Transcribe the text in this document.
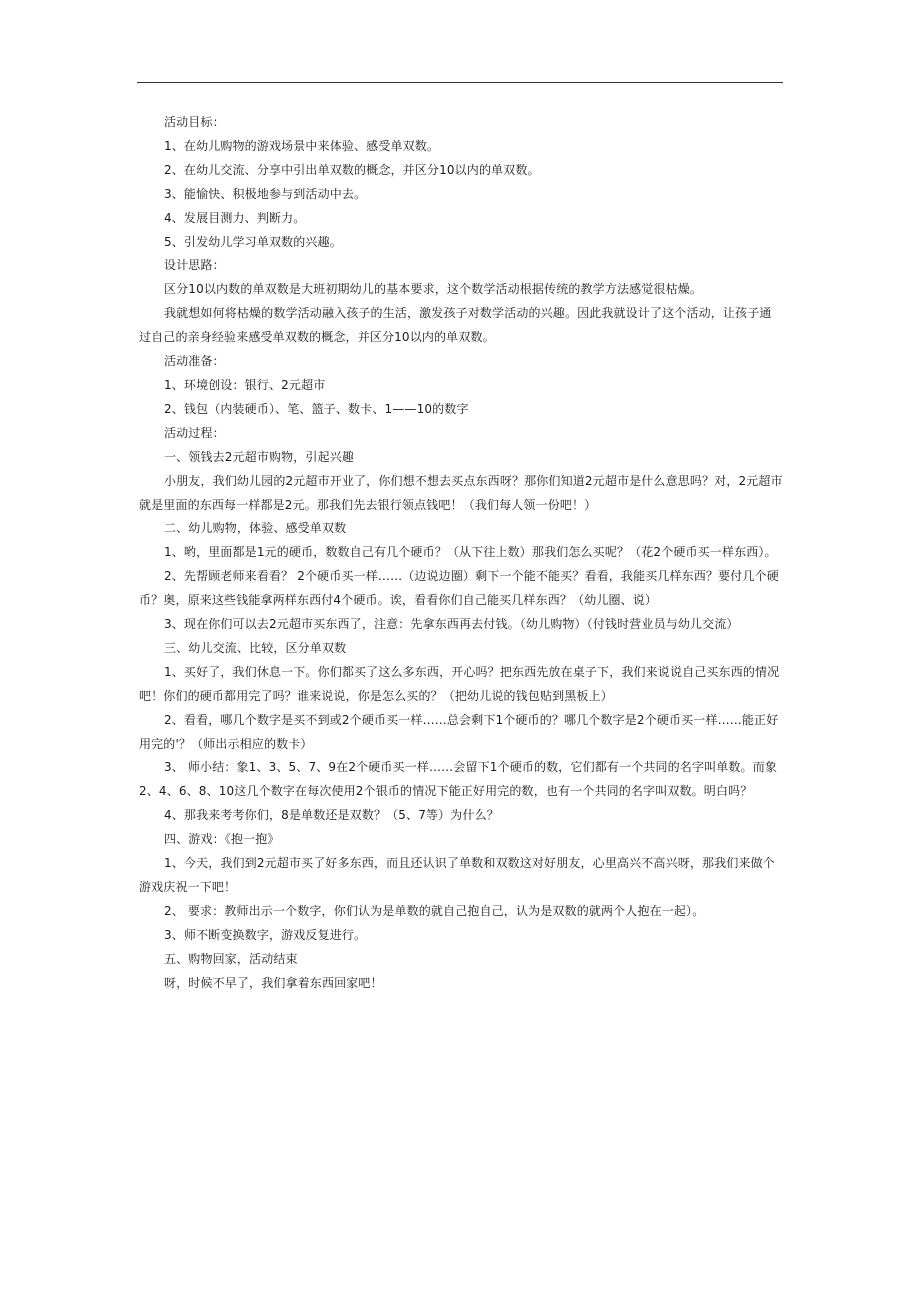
活动目标：

1、在幼儿购物的游戏场景中来体验、感受单双数。

2、在幼儿交流、分享中引出单双数的概念，并区分10以内的单双数。

3、能愉快、积极地参与到活动中去。

4、发展目测力、判断力。

5、引发幼儿学习单双数的兴趣。

设计思路：

区分10以内数的单双数是大班初期幼儿的基本要求，这个数学活动根据传统的教学方法感觉很枯燥。

我就想如何将枯燥的数学活动融入孩子的生活，激发孩子对数学活动的兴趣。因此我就设计了这个活动，让孩子通过自己的亲身经验来感受单双数的概念，并区分10以内的单双数。

活动准备：

1、环境创设：银行、2元超市

2、钱包（内装硬币）、笔、篮子、数卡、1——10的数字

活动过程：

一、领钱去2元超市购物，引起兴趣

小朋友，我们幼儿园的2元超市开业了，你们想不想去买点东西呀？那你们知道2元超市是什么意思吗？对，2元超市就是里面的东西每一样都是2元。那我们先去银行领点钱吧！（我们每人领一份吧！）

二、幼儿购物，体验、感受单双数

1、哟，里面都是1元的硬币，数数自己有几个硬币？（从下往上数）那我们怎么买呢？（花2个硬币买一样东西）。

2、先帮顾老师来看看？ 2个硬币买一样……（边说边圈）剩下一个能不能买？看看，我能买几样东西？要付几个硬币？奥，原来这些钱能拿两样东西付4个硬币。诶，看看你们自己能买几样东西？（幼儿圈、说）

3、现在你们可以去2元超市买东西了，注意：先拿东西再去付钱。（幼儿购物）（付钱时营业员与幼儿交流）

三、幼儿交流、比较，区分单双数

1、买好了，我们休息一下。你们都买了这么多东西，开心吗？把东西先放在桌子下，我们来说说自己买东西的情况吧！你们的硬币都用完了吗？谁来说说，你是怎么买的？（把幼儿说的钱包贴到黑板上）

2、看看，哪几个数字是买不到或2个硬币买一样……总会剩下1个硬币的？哪几个数字是2个硬币买一样……能正好用完的'？（师出示相应的数卡）

3、 师小结：象1、3、5、7、9在2个硬币买一样……会留下1个硬币的数，它们都有一个共同的名字叫单数。而象2、4、6、8、10这几个数字在每次使用2个银币的情况下能正好用完的数，也有一个共同的名字叫双数。明白吗？

4、那我来考考你们，8是单数还是双数？（5、7等）为什么？

四、游戏：《抱一抱》

1、今天，我们到2元超市买了好多东西，而且还认识了单数和双数这对好朋友，心里高兴不高兴呀，那我们来做个游戏庆祝一下吧！

2、 要求：教师出示一个数字，你们认为是单数的就自己抱自己，认为是双数的就两个人抱在一起）。

3、师不断变换数字，游戏反复进行。

五、购物回家，活动结束

呀，时候不早了，我们拿着东西回家吧！
